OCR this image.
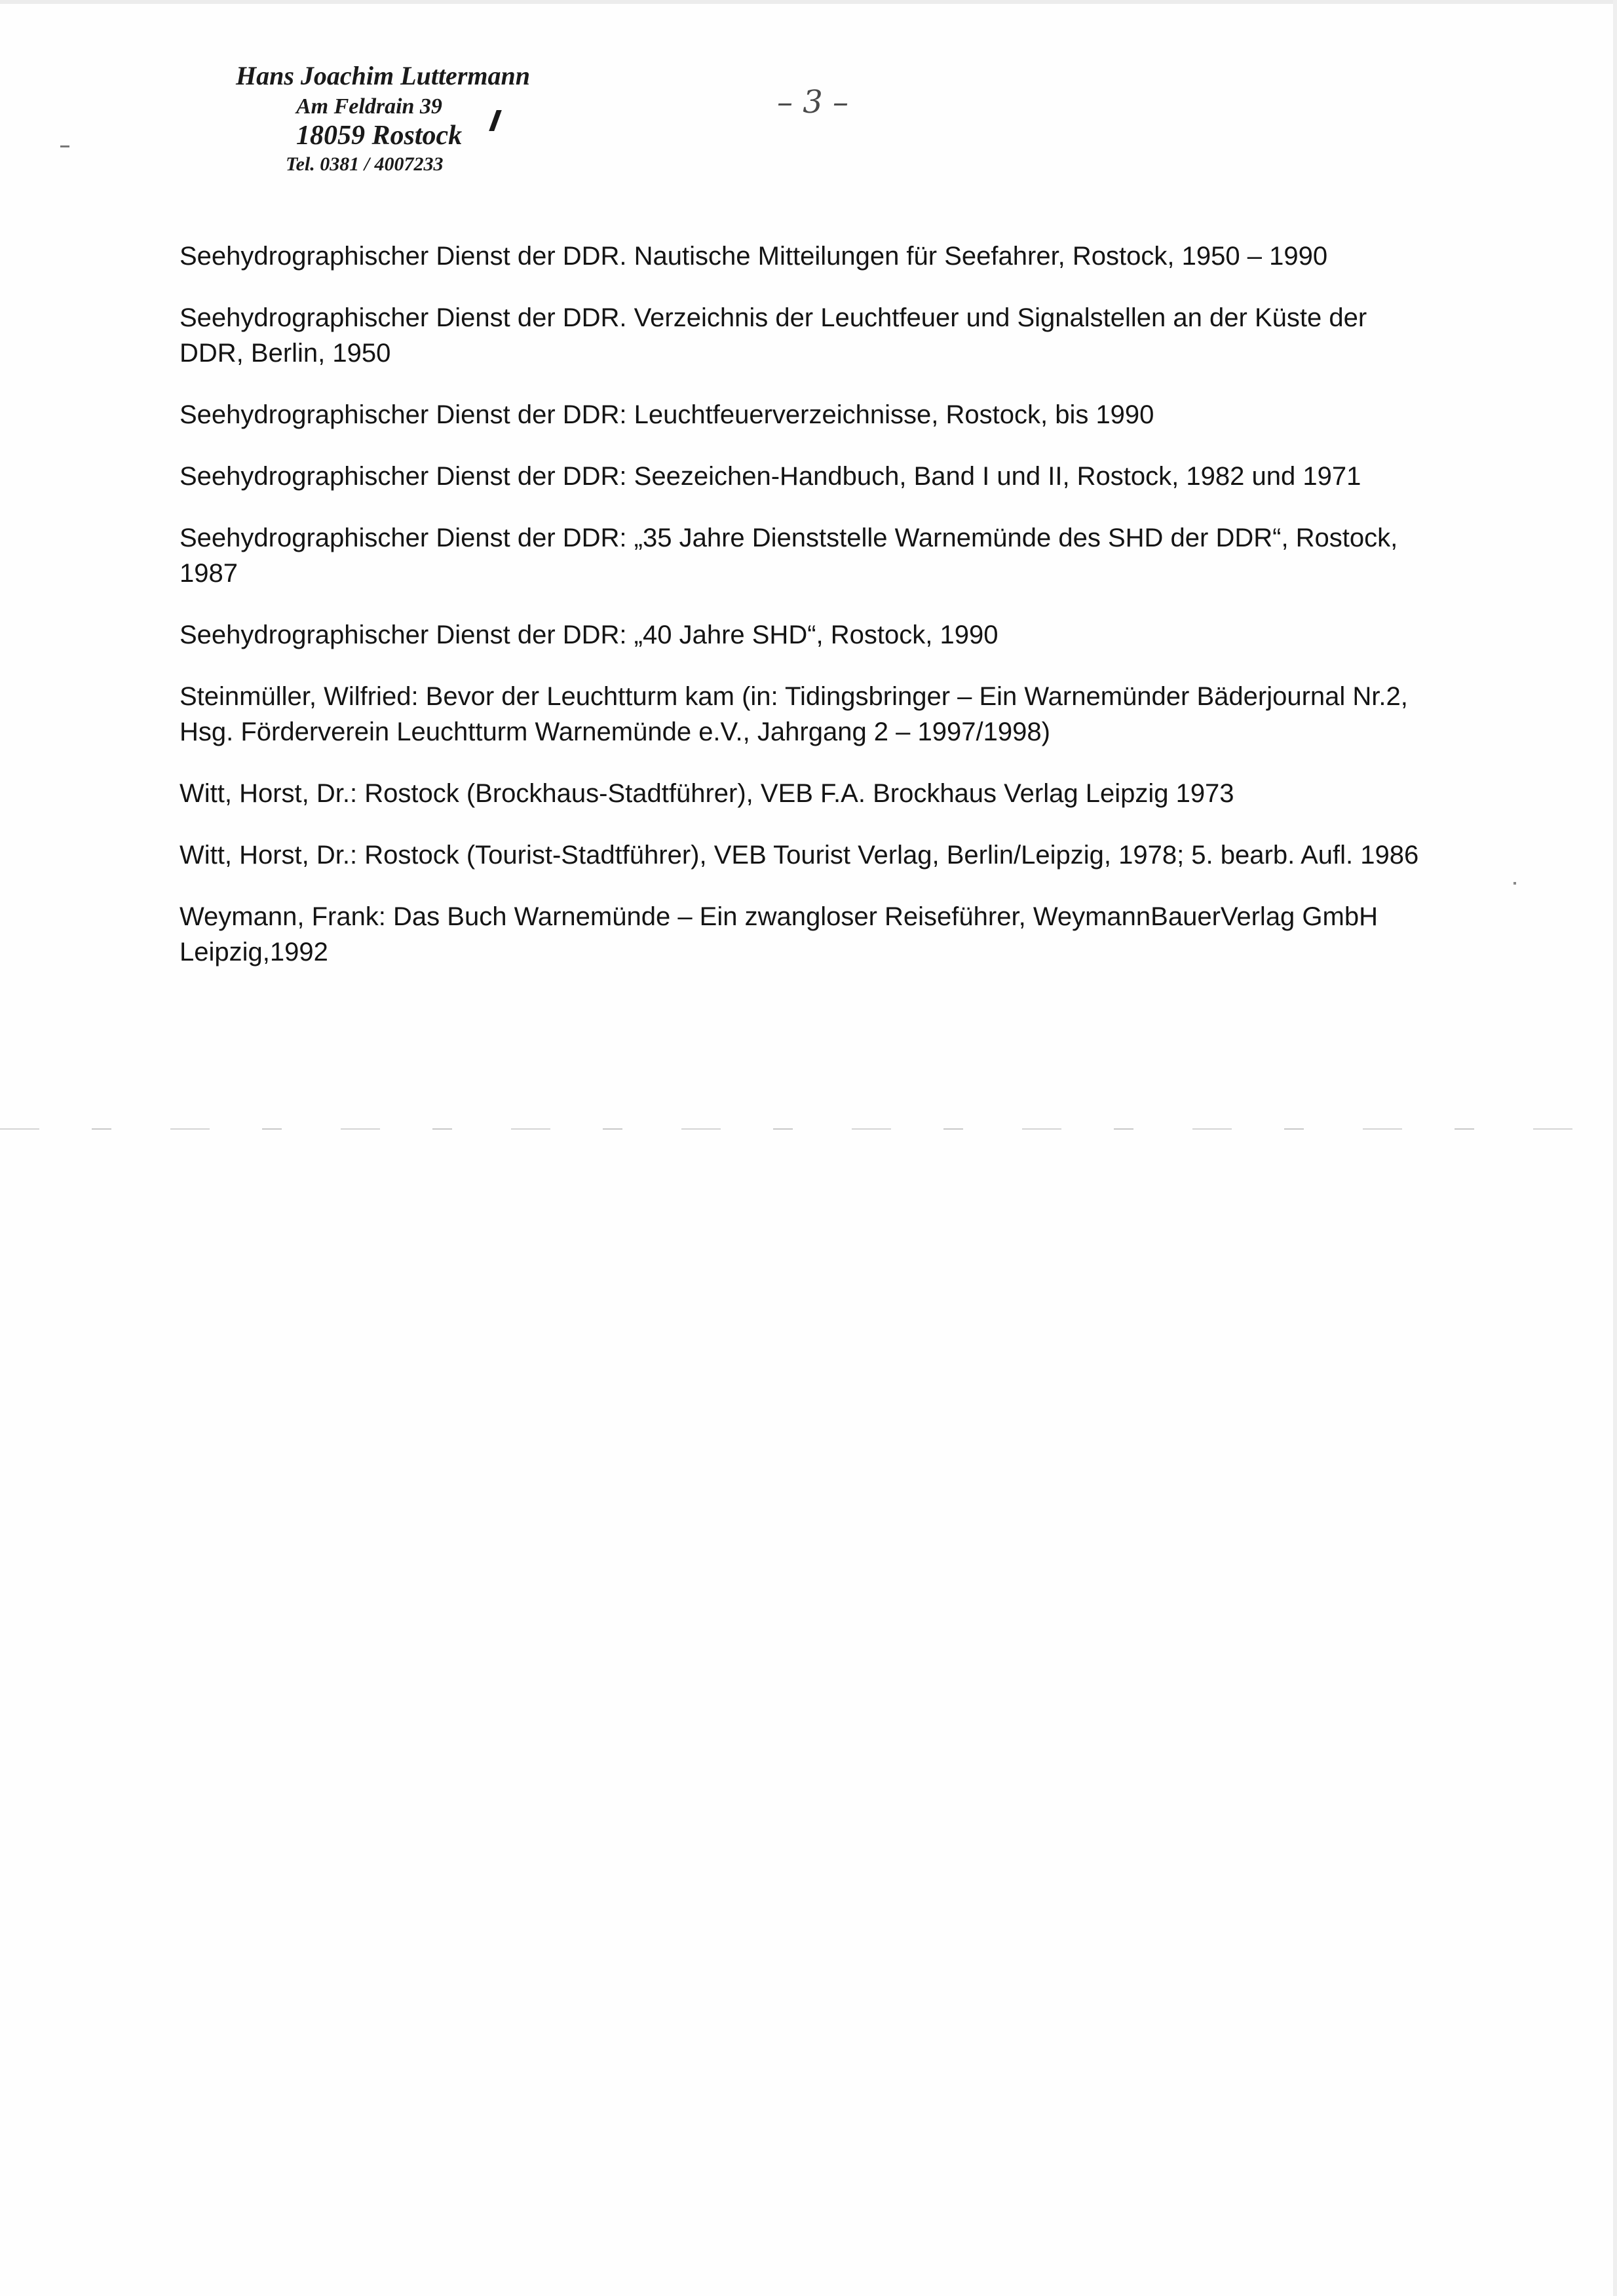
Hans Joachim Luttermann
Am Feldrain 39
18059 Rostock
Tel. 0381 / 4007233
– 3 –

Seehydrographischer Dienst der DDR. Nautische Mitteilungen für Seefahrer, Rostock, 1950 – 1990

Seehydrographischer Dienst der DDR. Verzeichnis der Leuchtfeuer und Signalstellen an der Küste der DDR, Berlin, 1950

Seehydrographischer Dienst der DDR: Leuchtfeuerverzeichnisse, Rostock, bis 1990

Seehydrographischer Dienst der DDR: Seezeichen-Handbuch, Band I und II, Rostock, 1982 und 1971

Seehydrographischer Dienst der DDR: „35 Jahre Dienststelle Warnemünde des SHD der DDR“, Rostock, 1987

Seehydrographischer Dienst der DDR: „40 Jahre SHD“, Rostock, 1990

Steinmüller, Wilfried: Bevor der Leuchtturm kam (in: Tidingsbringer – Ein Warnemünder Bäderjournal Nr.2, Hsg. Förderverein Leuchtturm Warnemünde e.V., Jahrgang 2 – 1997/1998)

Witt, Horst, Dr.: Rostock (Brockhaus-Stadtführer), VEB F.A. Brockhaus Verlag Leipzig 1973

Witt, Horst, Dr.: Rostock (Tourist-Stadtführer), VEB Tourist Verlag, Berlin/Leipzig, 1978; 5. bearb. Aufl. 1986

Weymann, Frank: Das Buch Warnemünde – Ein zwangloser Reiseführer, WeymannBauerVerlag GmbH Leipzig,1992
